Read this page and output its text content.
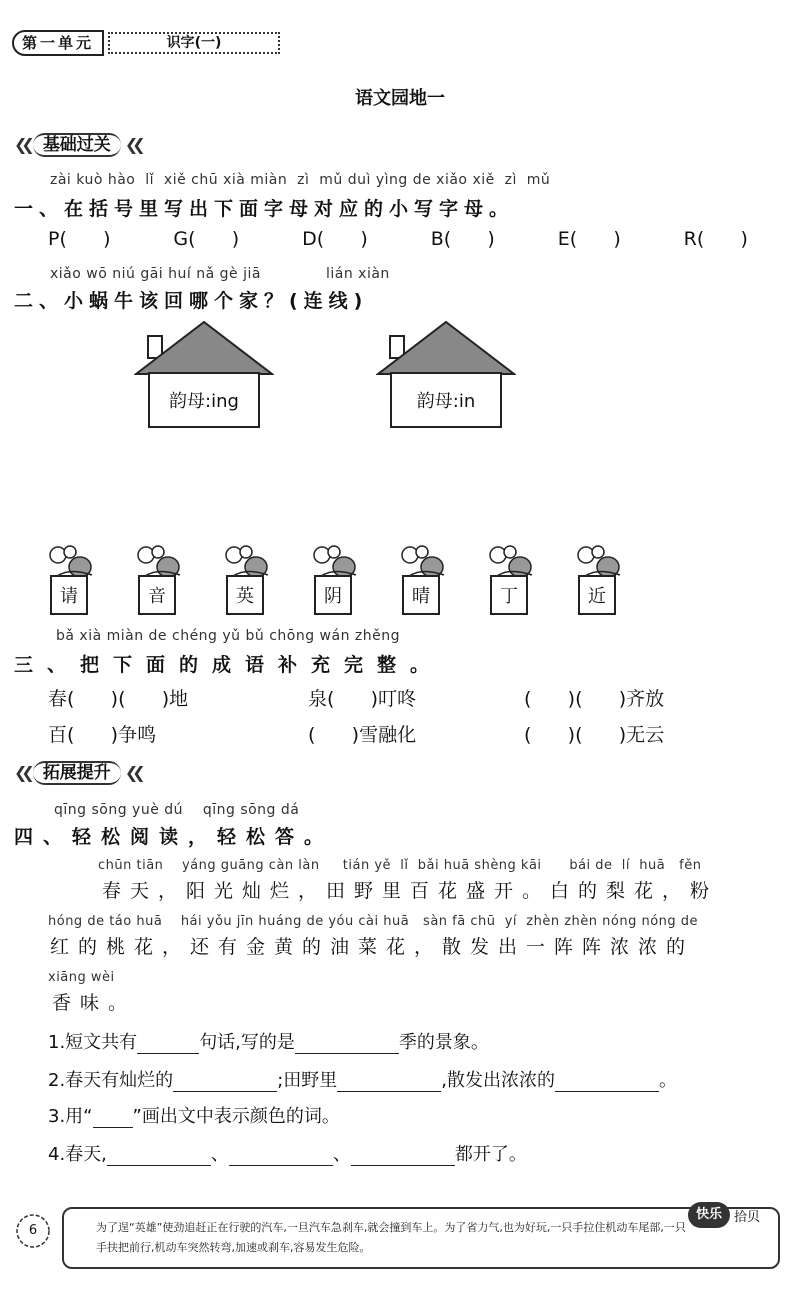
第一单元	识字(一)
语文园地一
❮❮ 基础过关 ❮❮
zài kuò hào  lǐ  xiě chū xià miàn  zì  mǔ duì yìng de xiǎo xiě  zì  mǔ
一、在括号里写出下面字母对应的小写字母。
P(      )	G(      )	D(      )	B(      )	E(      )	R(      )
xiǎo wō niú gāi huí nǎ gè jiā	lián xiàn
二、小蜗牛该回哪个家？(连线)
韵母:ing	韵母:in
请	音	英	阴	晴	丁	近
bǎ xià miàn de chéng yǔ bǔ chōng wán zhěng
三、把下面的成语补充完整。
春(      )(      )地	泉(      )叮咚	(      )(      )齐放
百(      )争鸣	(      )雪融化	(      )(      )无云
❮❮ 拓展提升 ❮❮
qīng sōng yuè dú    qīng sōng dá
四、轻松阅读，轻松答。
chūn tiān    yáng guāng càn làn     tián yě  lǐ  bǎi huā shèng kāi      bái de  lí  huā   fěn
春天，阳光灿烂，田野里百花盛开。白的梨花，粉
hóng de táo huā    hái yǒu jīn huáng de yóu cài huā   sàn fā chū  yí  zhèn zhèn nóng nóng de
红的桃花，还有金黄的油菜花，散发出一阵阵浓浓的
xiāng wèi
香味。
1.短文共有	句话,写的是	季的景象。
2.春天有灿烂的	;田野里	,散发出浓浓的	。
3.用“ ”画出文中表示颜色的词。
4.春天,	、	、	都开了。
6	为了逞“英雄”使劲追赶正在行驶的汽车,一旦汽车急刹车,就会撞到车上。为了省力气,也为好玩,一只手拉住机动车尾部,一只手扶把前行,机动车突然转弯,加速或刹车,容易发生危险。
快乐 拾贝
